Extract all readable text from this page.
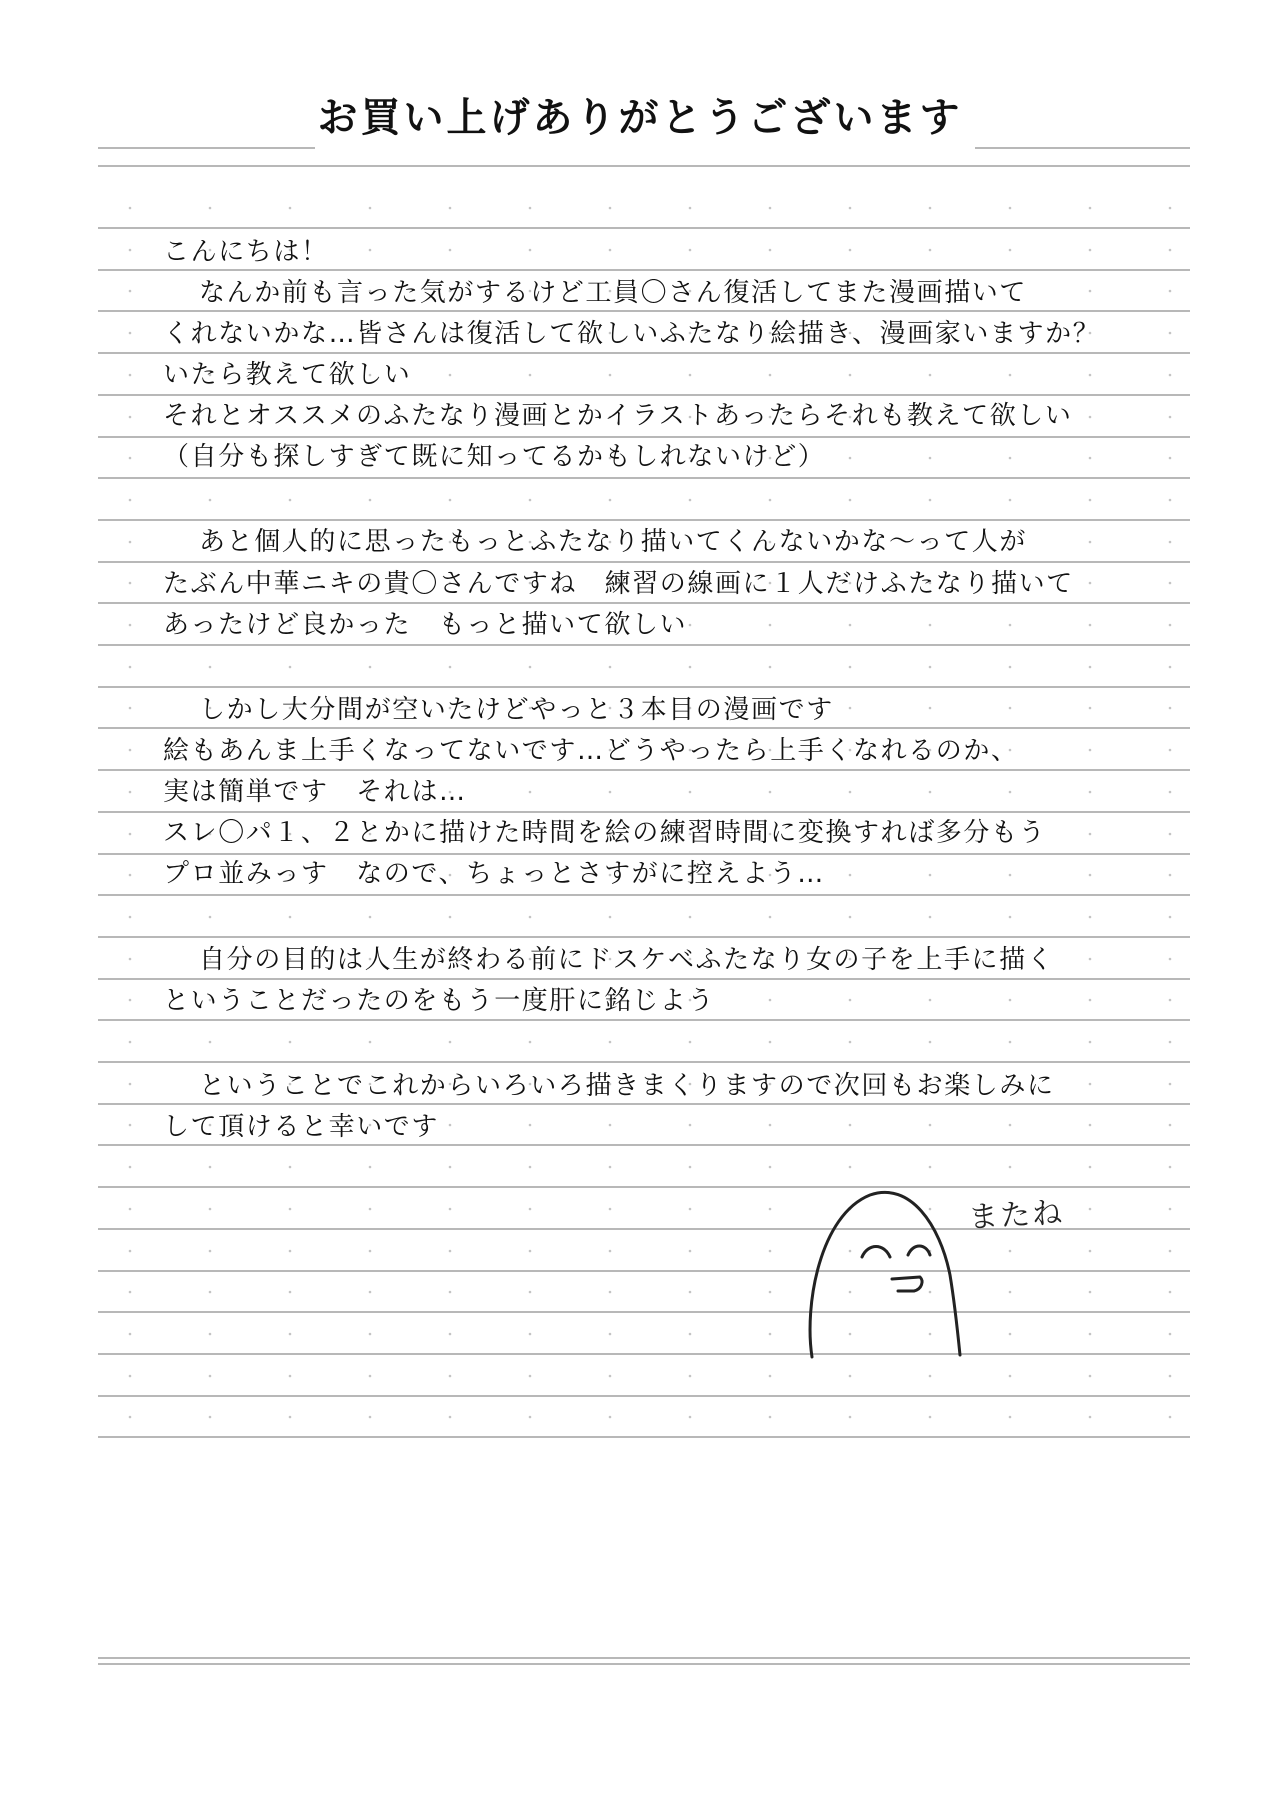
お買い上げありがとうございます
こんにちは！
なんか前も言った気がするけど工員〇さん復活してまた漫画描いて
くれないかな…皆さんは復活して欲しいふたなり絵描き、漫画家いますか？
いたら教えて欲しい
それとオススメのふたなり漫画とかイラストあったらそれも教えて欲しい
（自分も探しすぎて既に知ってるかもしれないけど）
あと個人的に思ったもっとふたなり描いてくんないかな～って人が
たぶん中華ニキの貴〇さんですね　練習の線画に１人だけふたなり描いて
あったけど良かった　もっと描いて欲しい
しかし大分間が空いたけどやっと３本目の漫画です
絵もあんま上手くなってないです…どうやったら上手くなれるのか、
実は簡単です　それは…
スレ〇パ１、２とかに描けた時間を絵の練習時間に変換すれば多分もう
プロ並みっす　なので、ちょっとさすがに控えよう…
自分の目的は人生が終わる前にドスケベふたなり女の子を上手に描く
ということだったのをもう一度肝に銘じよう
ということでこれからいろいろ描きまくりますので次回もお楽しみに
して頂けると幸いです
またね
